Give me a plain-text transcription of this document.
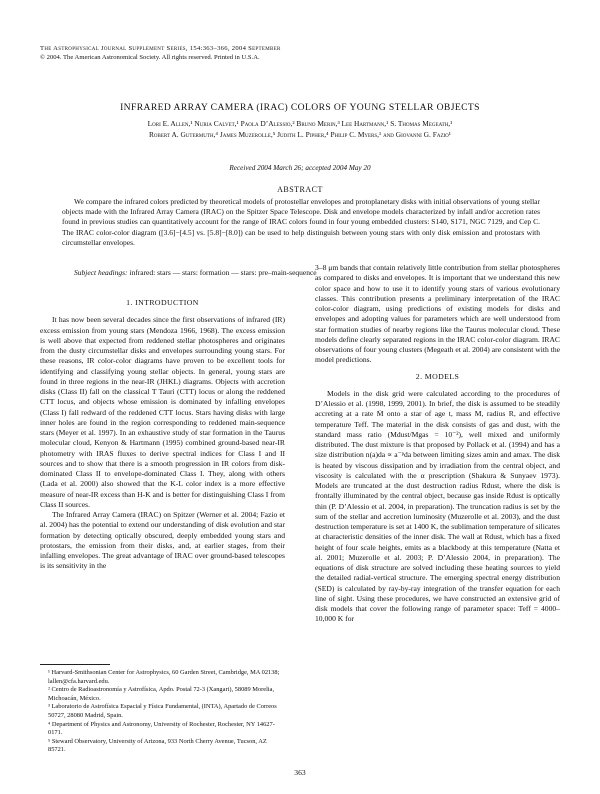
The Astrophysical Journal Supplement Series, 154:363–366, 2004 September
© 2004. The American Astronomical Society. All rights reserved. Printed in U.S.A.
INFRARED ARRAY CAMERA (IRAC) COLORS OF YOUNG STELLAR OBJECTS
Lori E. Allen,¹ Nuria Calvet,¹ Paola D’Alessio,² Bruno Merin,³ Lee Hartmann,¹ S. Thomas Megeath,¹
Robert A. Gutermuth,⁴ James Muzerolle,⁵ Judith L. Pipher,⁴ Philip C. Myers,¹ and Giovanni G. Fazio¹
Received 2004 March 26; accepted 2004 May 20
ABSTRACT
We compare the infrared colors predicted by theoretical models of protostellar envelopes and protoplanetary disks with initial observations of young stellar objects made with the Infrared Array Camera (IRAC) on the Spitzer Space Telescope. Disk and envelope models characterized by infall and/or accretion rates found in previous studies can quantitatively account for the range of IRAC colors found in four young embedded clusters: S140, S171, NGC 7129, and Cep C. The IRAC color-color diagram ([3.6]−[4.5] vs. [5.8]−[8.0]) can be used to help distinguish between young stars with only disk emission and protostars with circumstellar envelopes.
Subject headings: infrared: stars — stars: formation — stars: pre–main-sequence
1. INTRODUCTION

It has now been several decades since the first observations of infrared (IR) excess emission from young stars (Mendoza 1966, 1968). The excess emission is well above that expected from reddened stellar photospheres and originates from the dusty circumstellar disks and envelopes surrounding young stars. For these reasons, IR color-color diagrams have proven to be excellent tools for identifying and classifying young stellar objects. In general, young stars are found in three regions in the near-IR (JHKL) diagrams. Objects with accretion disks (Class II) fall on the classical T Tauri (CTT) locus or along the reddened CTT locus, and objects whose emission is dominated by infalling envelopes (Class I) fall redward of the reddened CTT locus. Stars having disks with large inner holes are found in the region corresponding to reddened main-sequence stars (Meyer et al. 1997). In an exhaustive study of star formation in the Taurus molecular cloud, Kenyon & Hartmann (1995) combined ground-based near-IR photometry with IRAS fluxes to derive spectral indices for Class I and II sources and to show that there is a smooth progression in IR colors from disk-dominated Class II to envelope-dominated Class I. They, along with others (Lada et al. 2000) also showed that the K-L color index is a more effective measure of near-IR excess than H-K and is better for distinguishing Class I from Class II sources.

The Infrared Array Camera (IRAC) on Spitzer (Werner et al. 2004; Fazio et al. 2004) has the potential to extend our understanding of disk evolution and star formation by detecting optically obscured, deeply embedded young stars and protostars, the emission from their disks, and, at earlier stages, from their infalling envelopes. The great advantage of IRAC over ground-based telescopes is its sensitivity in the

3–8 μm bands that contain relatively little contribution from stellar photospheres as compared to disks and envelopes. It is important that we understand this new color space and how to use it to identify young stars of various evolutionary classes. This contribution presents a preliminary interpretation of the IRAC color-color diagram, using predictions of existing models for disks and envelopes and adopting values for parameters which are well understood from star formation studies of nearby regions like the Taurus molecular cloud. These models define clearly separated regions in the IRAC color-color diagram. IRAC observations of four young clusters (Megeath et al. 2004) are consistent with the model predictions.

2. MODELS

Models in the disk grid were calculated according to the procedures of D’Alessio et al. (1998, 1999, 2001). In brief, the disk is assumed to be steadily accreting at a rate Ṁ onto a star of age t, mass M, radius R, and effective temperature Teff. The material in the disk consists of gas and dust, with the standard mass ratio (Mdust/Mgas = 10⁻²), well mixed and uniformly distributed. The dust mixture is that proposed by Pollack et al. (1994) and has a size distribution n(a)da ∝ a⁻ᵖda between limiting sizes amin and amax. The disk is heated by viscous dissipation and by irradiation from the central object, and viscosity is calculated with the α prescription (Shakura & Sunyaev 1973). Models are truncated at the dust destruction radius Rdust, where the disk is frontally illuminated by the central object, because gas inside Rdust is optically thin (P. D’Alessio et al. 2004, in preparation). The truncation radius is set by the sum of the stellar and accretion luminosity (Muzerolle et al. 2003), and the dust destruction temperature is set at 1400 K, the sublimation temperature of silicates at characteristic densities of the inner disk. The wall at Rdust, which has a fixed height of four scale heights, emits as a blackbody at this temperature (Natta et al. 2001; Muzerolle et al. 2003; P. D’Alessio 2004, in preparation). The equations of disk structure are solved including these heating sources to yield the detailed radial-vertical structure. The emerging spectral energy distribution (SED) is calculated by ray-by-ray integration of the transfer equation for each line of sight. Using these procedures, we have constructed an extensive grid of disk models that cover the following range of parameter space: Teff = 4000–10,000 K for

¹ Harvard-Smithsonian Center for Astrophysics, 60 Garden Street, Cambridge, MA 02138; lallen@cfa.harvard.edu.

² Centro de Radioastronomía y Astrofísica, Apdo. Postal 72-3 (Xangari), 58089 Morelia, Michoacán, México.

³ Laboratorio de Astrofísica Espacial y Física Fundamental, (INTA), Apartado de Correos 50727, 28080 Madrid, Spain.

⁴ Department of Physics and Astronomy, University of Rochester, Rochester, NY 14627-0171.

⁵ Steward Observatory, University of Arizona, 933 North Cherry Avenue, Tucson, AZ 85721.

363
